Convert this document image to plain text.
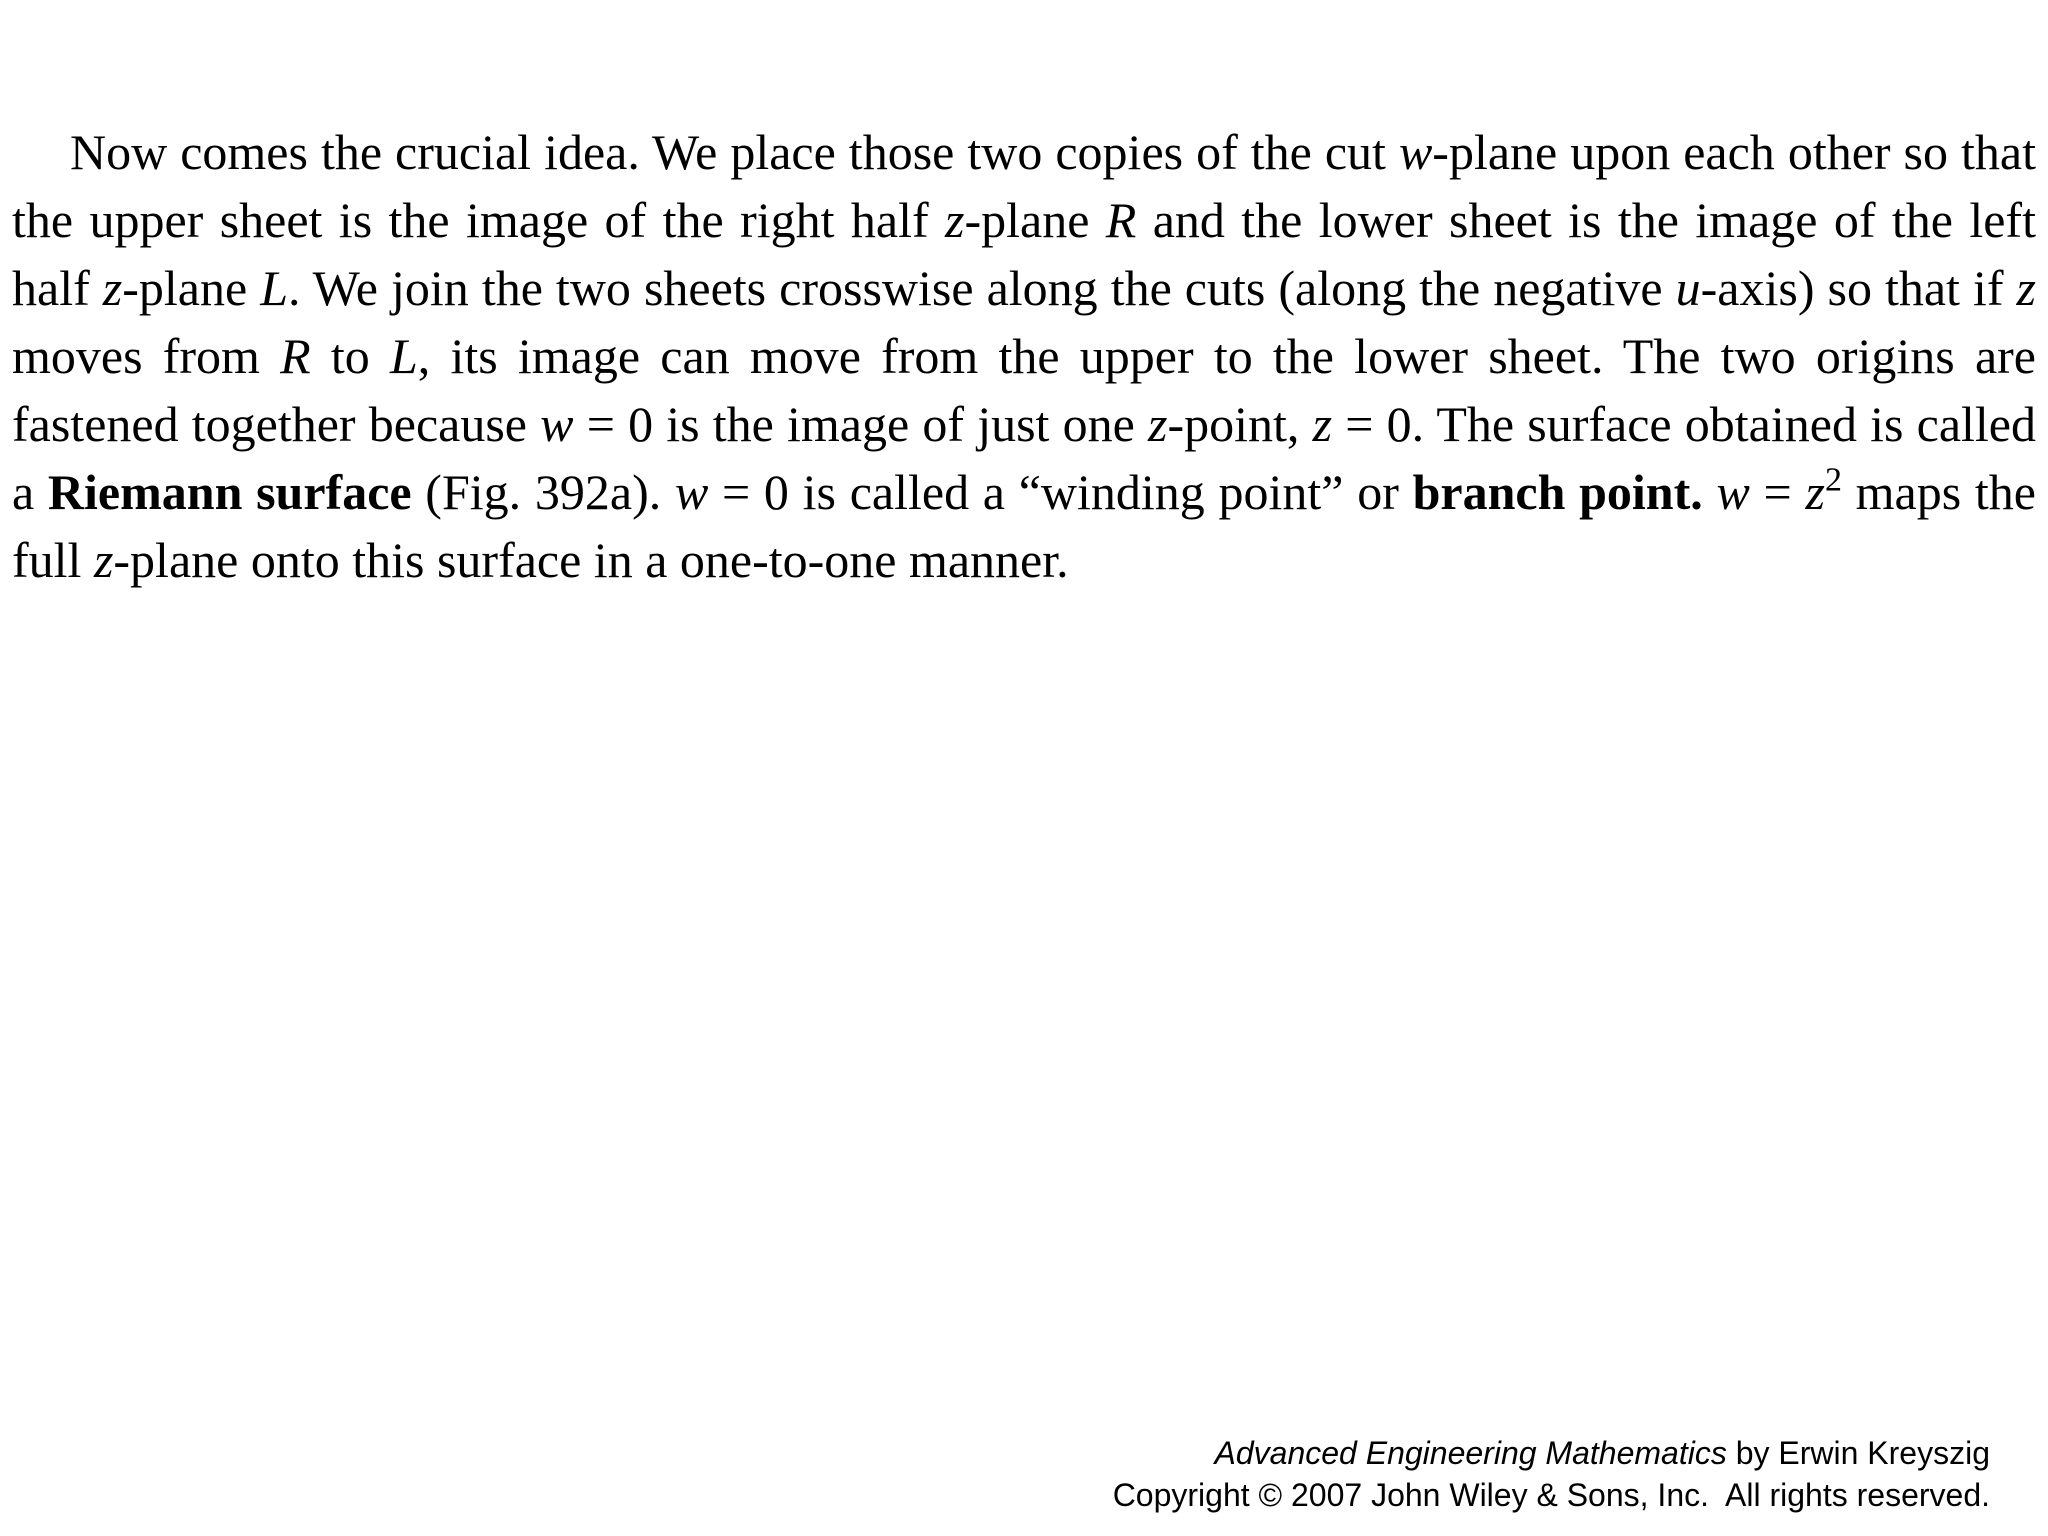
Now comes the crucial idea. We place those two copies of the cut w-plane upon each other so that the upper sheet is the image of the right half z-plane R and the lower sheet is the image of the left half z-plane L. We join the two sheets crosswise along the cuts (along the negative u-axis) so that if z moves from R to L, its image can move from the upper to the lower sheet. The two origins are fastened together because w = 0 is the image of just one z-point, z = 0. The surface obtained is called a Riemann surface (Fig. 392a). w = 0 is called a “winding point” or branch point. $w = z^2$ maps the full z-plane onto this surface in a one-to-one manner.

Advanced Engineering Mathematics by Erwin Kreyszig
Copyright © 2007 John Wiley & Sons, Inc.  All rights reserved.
